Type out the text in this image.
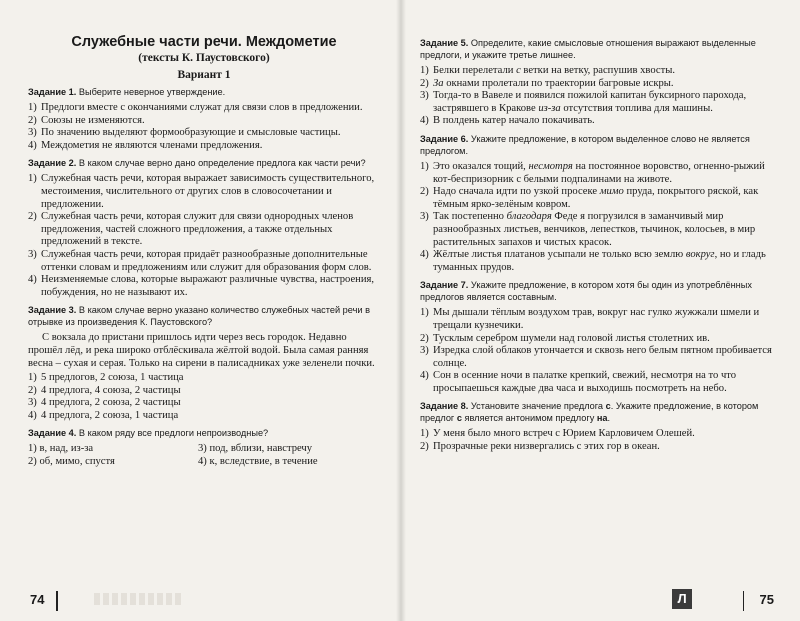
Служебные части речи. Междометие
(тексты К. Паустовского)
Вариант 1
Задание 1. Выберите неверное утверждение.
1) Предлоги вместе с окончаниями служат для связи слов в предложении.
2) Союзы не изменяются.
3) По значению выделяют формообразующие и смысловые частицы.
4) Междометия не являются членами предложения.
Задание 2. В каком случае верно дано определение предлога как части речи?
1) Служебная часть речи, которая выражает зависимость существительного, местоимения, числительного от других слов в словосочетании и предложении.
2) Служебная часть речи, которая служит для связи однородных членов предложения, частей сложного предложения, а также отдельных предложений в тексте.
3) Служебная часть речи, которая придаёт разнообразные дополнительные оттенки словам и предложениям или служит для образования форм слов.
4) Неизменяемые слова, которые выражают различные чувства, настроения, побуждения, но не называют их.
Задание 3. В каком случае верно указано количество служебных частей речи в отрывке из произведения К. Паустовского?
С вокзала до пристани пришлось идти через весь городок. Недавно прошёл лёд, и река широко отблёскивала жёлтой водой. Была самая ранняя весна – сухая и серая. Только на сирени в палисадниках уже зеленели почки.
1) 5 предлогов, 2 союза, 1 частица
2) 4 предлога, 4 союза, 2 частицы
3) 4 предлога, 2 союза, 2 частицы
4) 4 предлога, 2 союза, 1 частица
Задание 4. В каком ряду все предлоги непроизводные?
1) в, над, из-за	3) под, вблизи, навстречу
2) об, мимо, спустя	4) к, вследствие, в течение
74
Задание 5. Определите, какие смысловые отношения выражают выделенные предлоги, и укажите третье лишнее.
1) Белки перелетали с ветки на ветку, распушив хвосты.
2) За окнами пролетали по траектории багровые искры.
3) Тогда-то в Вавеле и появился пожилой капитан буксирного парохода, застрявшего в Кракове из-за отсутствия топлива для машины.
4) В полдень катер начало покачивать.
Задание 6. Укажите предложение, в котором выделенное слово не является предлогом.
1) Это оказался тощий, несмотря на постоянное воровство, огненно-рыжий кот-беспризорник с белыми подпалинами на животе.
2) Надо сначала идти по узкой просеке мимо пруда, покрытого ряской, как тёмным ярко-зелёным ковром.
3) Так постепенно благодаря Феде я погрузился в заманчивый мир разнообразных листьев, венчиков, лепестков, тычинок, колосьев, в мир растительных запахов и чистых красок.
4) Жёлтые листья платанов усыпали не только всю землю вокруг, но и гладь туманных прудов.
Задание 7. Укажите предложение, в котором хотя бы один из употреблённых предлогов является составным.
1) Мы дышали тёплым воздухом трав, вокруг нас гулко жужжали шмели и трещали кузнечики.
2) Тусклым серебром шумели над головой листья столетних ив.
3) Изредка слой облаков утончается и сквозь него белым пятном пробивается солнце.
4) Сон в осенние ночи в палатке крепкий, свежий, несмотря на то что просыпаешься каждые два часа и выходишь посмотреть на небо.
Задание 8. Установите значение предлога с. Укажите предложение, в котором предлог с является антонимом предлогу на.
1) У меня было много встреч с Юрием Карловичем Олешей.
2) Прозрачные реки низвергались с этих гор в океан.
Л	75
